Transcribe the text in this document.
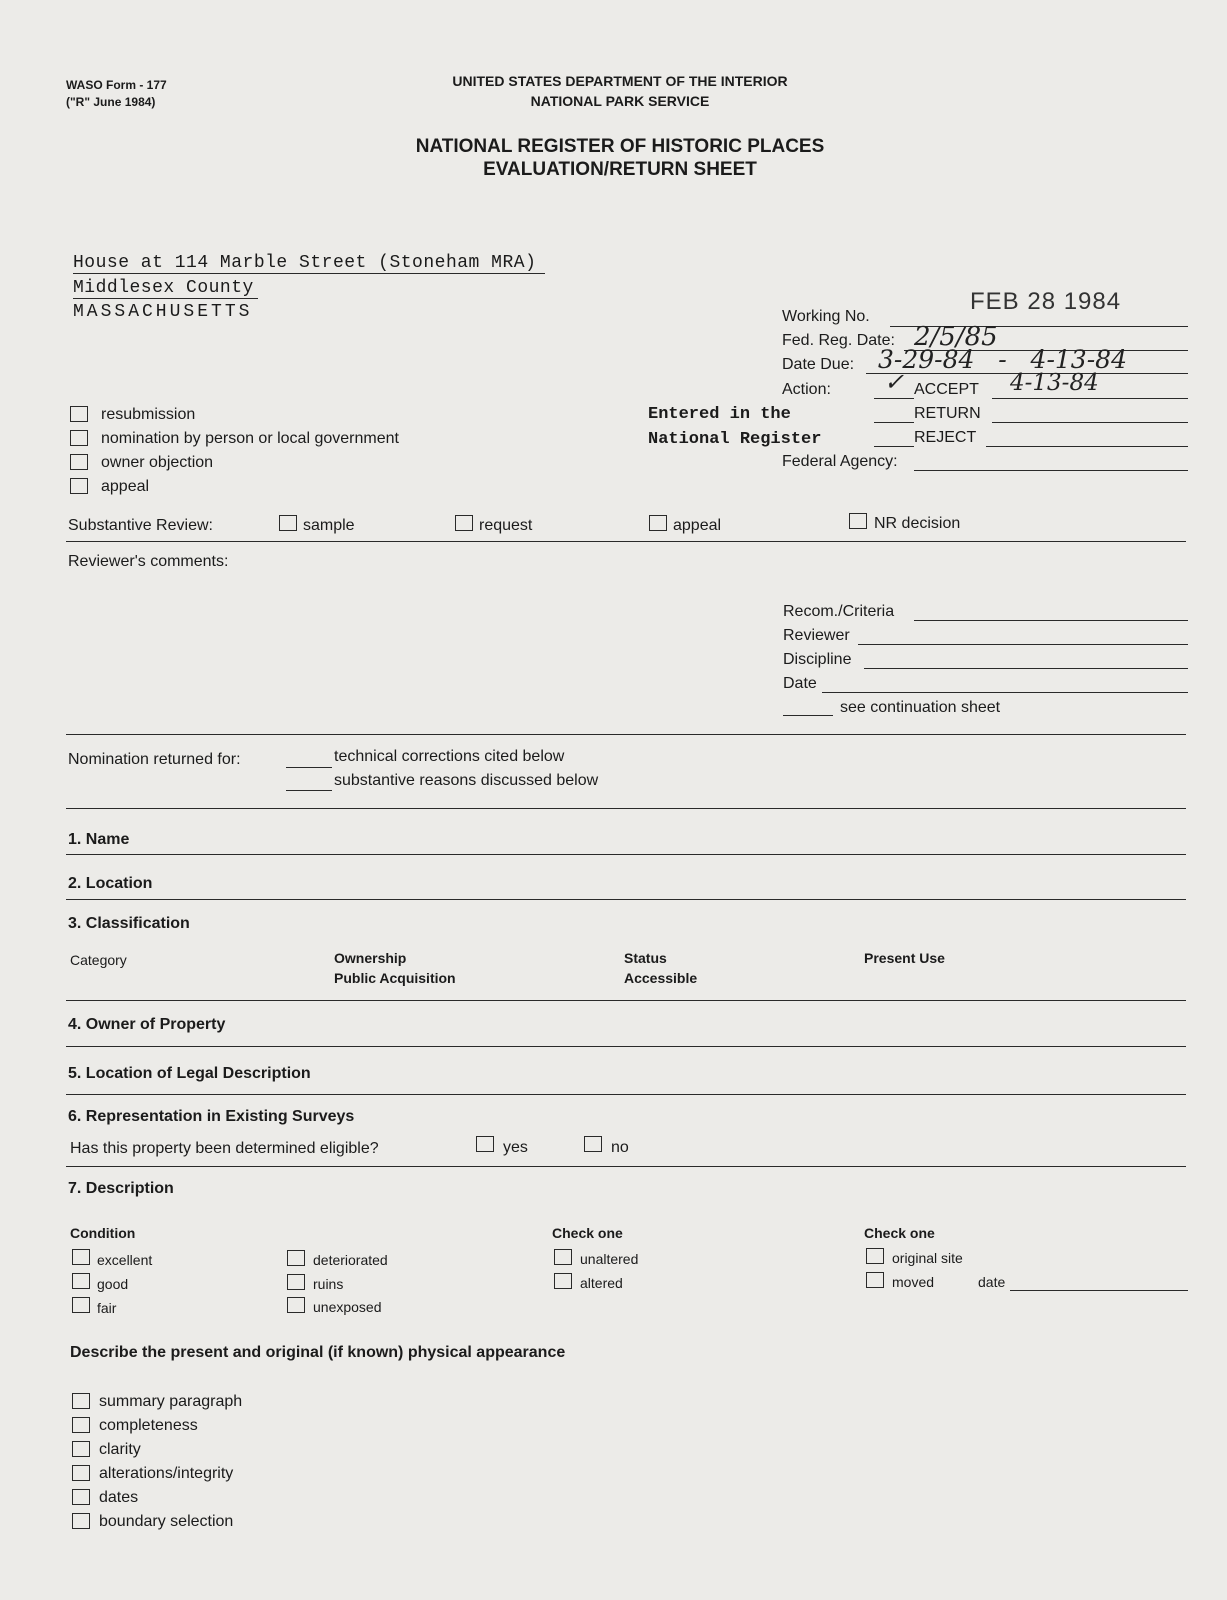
WASO Form - 177
("R" June 1984)
UNITED STATES DEPARTMENT OF THE INTERIOR
NATIONAL PARK SERVICE
NATIONAL REGISTER OF HISTORIC PLACES
EVALUATION/RETURN SHEET
House at 114 Marble Street (Stoneham MRA)
Middlesex County
MASSACHUSETTS	Working No.
FEB 28 1984
Fed. Reg. Date: 2/5/85
Date Due: 3-29-84   -   4-13-84
Action: ✓ ACCEPT 4-13-84
RETURN
REJECT
Federal Agency:
Entered in the
National Register
resubmission
nomination by person or local government
owner objection
appeal
Substantive Review:	sample	request	appeal	NR decision
Reviewer's comments:
Recom./Criteria
Reviewer
Discipline
Date
see continuation sheet
Nomination returned for:	technical corrections cited below
substantive reasons discussed below
1. Name
2. Location
3. Classification
Category	Ownership
Public Acquisition
Status
Accessible
Present Use
4. Owner of Property
5. Location of Legal Description
6. Representation in Existing Surveys
Has this property been determined eligible?	yes	no
7. Description
Condition
excellent
good
fair
deteriorated
ruins
unexposed
Check one
unaltered
altered
Check one
original site
moved	date
Describe the present and original (if known) physical appearance
summary paragraph
completeness
clarity
alterations/integrity
dates
boundary selection
